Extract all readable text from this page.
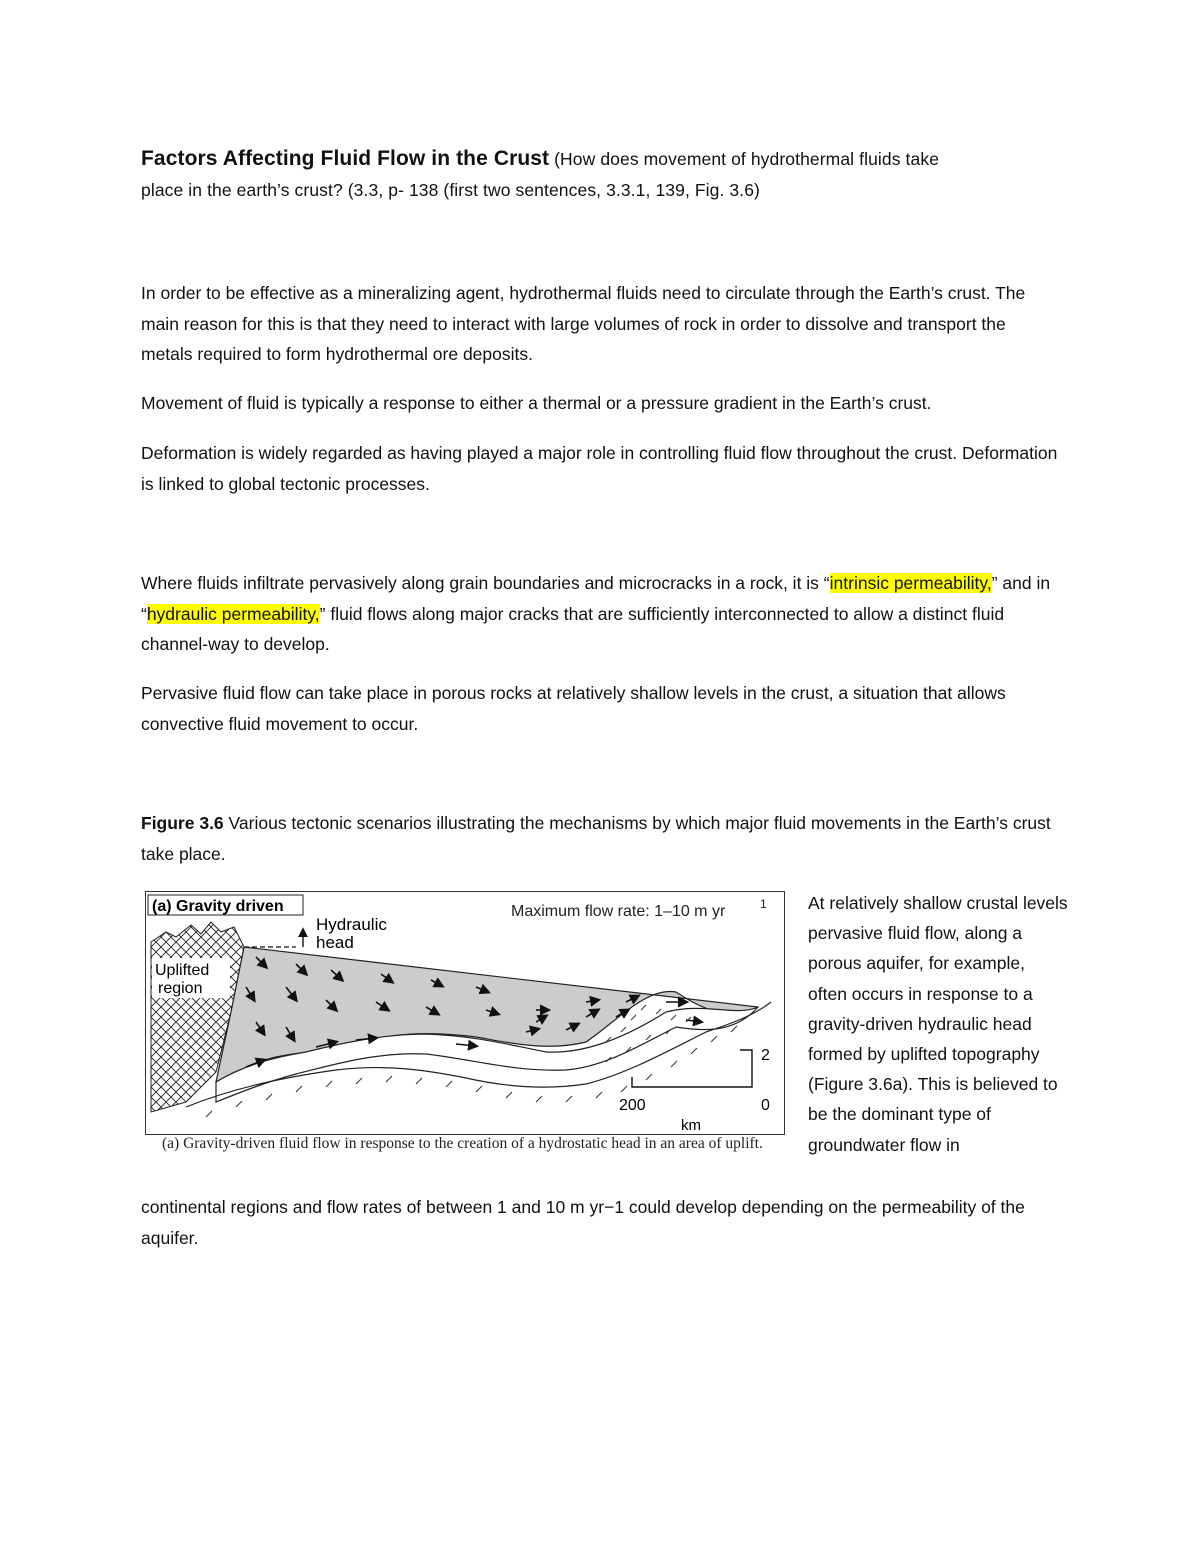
Factors Affecting Fluid Flow in the Crust (How does movement of hydrothermal fluids take
place in the earth’s crust? (3.3, p- 138 (first two sentences, 3.3.1, 139, Fig. 3.6)

In order to be effective as a mineralizing agent, hydrothermal fluids need to circulate through the Earth’s crust. The main reason for this is that they need to interact with large volumes of rock in order to dissolve and transport the metals required to form hydrothermal ore deposits.

Movement of fluid is typically a response to either a thermal or a pressure gradient in the Earth’s crust.

Deformation is widely regarded as having played a major role in controlling fluid flow throughout the crust. Deformation is linked to global tectonic processes.

Where fluids infiltrate pervasively along grain boundaries and microcracks in a rock, it is “intrinsic permeability,” and in “hydraulic permeability,” fluid flows along major cracks that are sufficiently interconnected to allow a distinct fluid channel-way to develop.

Pervasive fluid flow can take place in porous rocks at relatively shallow levels in the crust, a situation that allows convective fluid movement to occur.

Figure 3.6 Various tectonic scenarios illustrating the mechanisms by which major fluid movements in the Earth’s crust take place.

(a) Gravity driven
Hydraulic
head
Maximum flow rate: 1–10 m yr	1
Uplifted
region
200	0
2
km
(a) Gravity-driven fluid flow in response to the creation of a hydrostatic head in an area of uplift.
At relatively shallow crustal levels pervasive fluid flow, along a porous aquifer, for example, often occurs in response to a gravity-driven hydraulic head formed by uplifted topography (Figure 3.6a). This is believed to be the dominant type of groundwater flow in
continental regions and flow rates of between 1 and 10 m yr−1 could develop depending on the permeability of the aquifer.
